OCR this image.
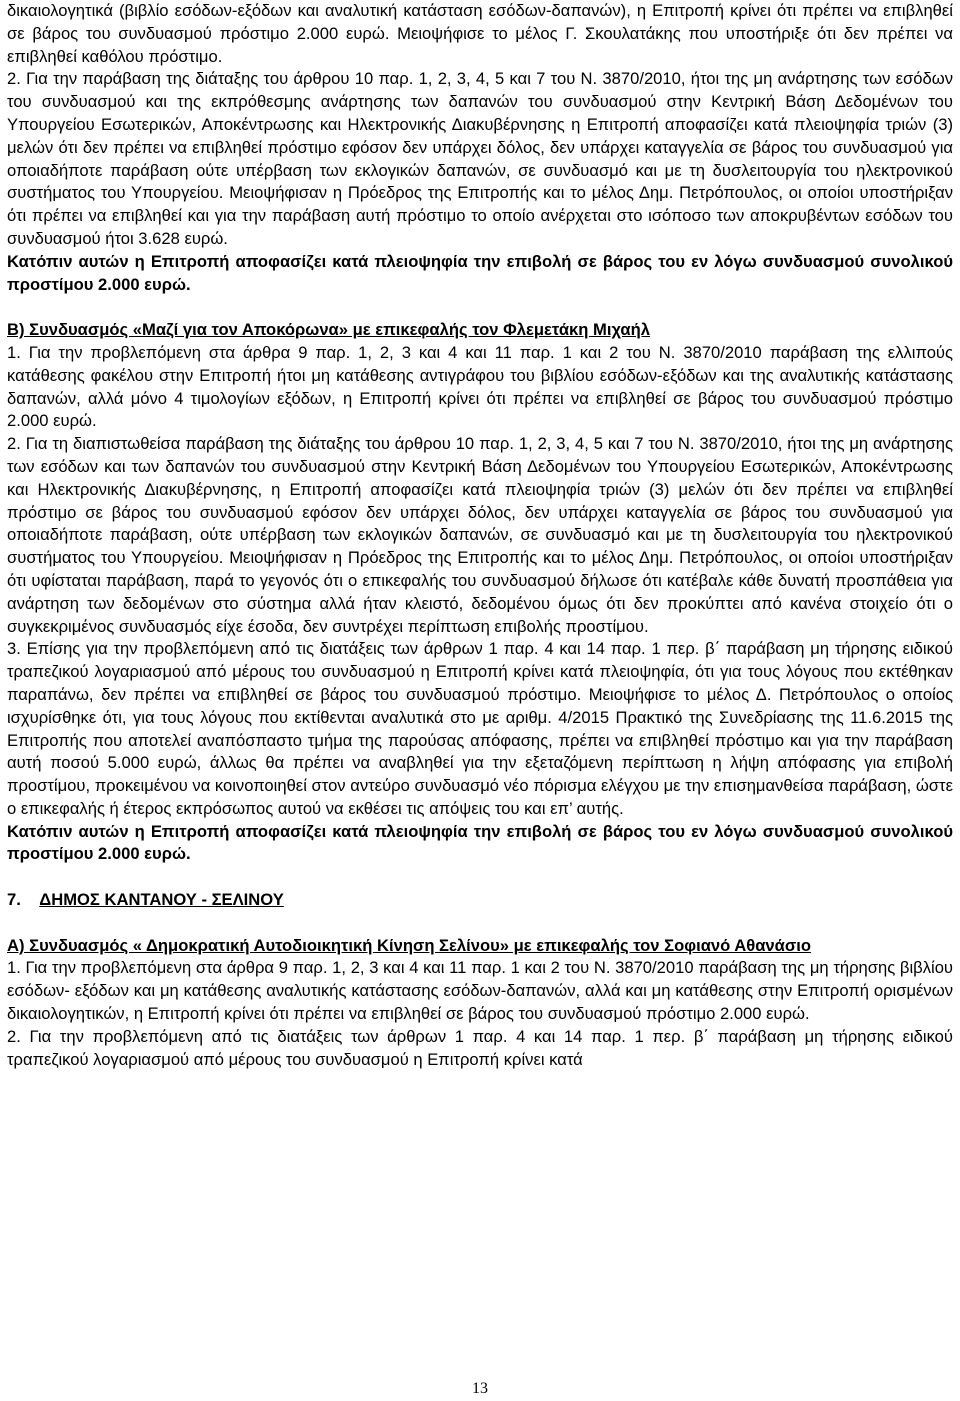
δικαιολογητικά (βιβλίο εσόδων-εξόδων και αναλυτική κατάσταση εσόδων-δαπανών), η Επιτροπή κρίνει ότι πρέπει να επιβληθεί σε βάρος του συνδυασμού πρόστιμο 2.000 ευρώ. Μειοψήφισε το μέλος Γ. Σκουλατάκης που υποστήριξε ότι δεν πρέπει να επιβληθεί καθόλου πρόστιμο.

2. Για την παράβαση της διάταξης του άρθρου 10 παρ. 1, 2, 3, 4, 5 και 7 του Ν. 3870/2010, ήτοι της μη ανάρτησης των εσόδων του συνδυασμού και της εκπρόθεσμης ανάρτησης των δαπανών του συνδυασμού στην Κεντρική Βάση Δεδομένων του Υπουργείου Εσωτερικών, Αποκέντρωσης και Ηλεκτρονικής Διακυβέρνησης η Επιτροπή αποφασίζει κατά πλειοψηφία τριών (3) μελών ότι δεν πρέπει να επιβληθεί πρόστιμο εφόσον δεν υπάρχει δόλος, δεν υπάρχει καταγγελία σε βάρος του συνδυασμού για οποιαδήποτε παράβαση ούτε υπέρβαση των εκλογικών δαπανών, σε συνδυασμό και με τη δυσλειτουργία του ηλεκτρονικού συστήματος του Υπουργείου. Μειοψήφισαν η Πρόεδρος της Επιτροπής και το μέλος Δημ. Πετρόπουλος, οι οποίοι υποστήριξαν ότι πρέπει να επιβληθεί και για την παράβαση αυτή πρόστιμο το οποίο ανέρχεται στο ισόποσο των αποκρυβέντων εσόδων του συνδυασμού ήτοι 3.628 ευρώ.

Κατόπιν αυτών η Επιτροπή αποφασίζει κατά πλειοψηφία την επιβολή σε βάρος του εν λόγω συνδυασμού συνολικού προστίμου 2.000 ευρώ.

Β) Συνδυασμός «Μαζί για τον Αποκόρωνα» με επικεφαλής τον Φλεμετάκη Μιχαήλ

1. Για την προβλεπόμενη στα άρθρα 9 παρ. 1, 2, 3 και 4 και 11 παρ. 1 και 2 του Ν. 3870/2010 παράβαση της ελλιπούς κατάθεσης φακέλου στην Επιτροπή ήτοι μη κατάθεσης αντιγράφου του βιβλίου εσόδων-εξόδων και της αναλυτικής κατάστασης δαπανών, αλλά μόνο 4 τιμολογίων εξόδων, η Επιτροπή κρίνει ότι πρέπει να επιβληθεί σε βάρος του συνδυασμού πρόστιμο 2.000 ευρώ.

2. Για τη διαπιστωθείσα παράβαση της διάταξης του άρθρου 10 παρ. 1, 2, 3, 4, 5 και 7 του Ν. 3870/2010, ήτοι της μη ανάρτησης των εσόδων και των δαπανών του συνδυασμού στην Κεντρική Βάση Δεδομένων του Υπουργείου Εσωτερικών, Αποκέντρωσης και Ηλεκτρονικής Διακυβέρνησης, η Επιτροπή αποφασίζει κατά πλειοψηφία τριών (3) μελών ότι δεν πρέπει να επιβληθεί πρόστιμο σε βάρος του συνδυασμού εφόσον δεν υπάρχει δόλος, δεν υπάρχει καταγγελία σε βάρος του συνδυασμού για οποιαδήποτε παράβαση, ούτε υπέρβαση των εκλογικών δαπανών, σε συνδυασμό και με τη δυσλειτουργία του ηλεκτρονικού συστήματος του Υπουργείου. Μειοψήφισαν η Πρόεδρος της Επιτροπής και το μέλος Δημ. Πετρόπουλος, οι οποίοι υποστήριξαν ότι υφίσταται παράβαση, παρά το γεγονός ότι ο επικεφαλής του συνδυασμού δήλωσε ότι κατέβαλε κάθε δυνατή προσπάθεια για ανάρτηση των δεδομένων στο σύστημα αλλά ήταν κλειστό, δεδομένου όμως ότι δεν προκύπτει από κανένα στοιχείο ότι ο συγκεκριμένος συνδυασμός είχε έσοδα, δεν συντρέχει περίπτωση επιβολής προστίμου.

3. Επίσης για την προβλεπόμενη από τις διατάξεις των άρθρων 1 παρ. 4 και 14 παρ. 1 περ. β΄ παράβαση μη τήρησης ειδικού τραπεζικού λογαριασμού από μέρους του συνδυασμού η Επιτροπή κρίνει κατά πλειοψηφία, ότι για τους λόγους που εκτέθηκαν παραπάνω, δεν πρέπει να επιβληθεί σε βάρος του συνδυασμού πρόστιμο. Μειοψήφισε το μέλος Δ. Πετρόπουλος ο οποίος ισχυρίσθηκε ότι, για τους λόγους που εκτίθενται αναλυτικά στο με αριθμ. 4/2015 Πρακτικό της Συνεδρίασης της 11.6.2015 της Επιτροπής που αποτελεί αναπόσπαστο τμήμα της παρούσας απόφασης, πρέπει να επιβληθεί πρόστιμο και για την παράβαση αυτή ποσού 5.000 ευρώ, άλλως θα πρέπει να αναβληθεί για την εξεταζόμενη περίπτωση η λήψη απόφασης για επιβολή προστίμου, προκειμένου να κοινοποιηθεί στον αντεύρο συνδυασμό νέο πόρισμα ελέγχου με την επισημανθείσα παράβαση, ώστε ο επικεφαλής ή έτερος εκπρόσωπος αυτού να εκθέσει τις απόψεις του και επ’ αυτής.

Κατόπιν αυτών η Επιτροπή αποφασίζει κατά πλειοψηφία την επιβολή σε βάρος του εν λόγω συνδυασμού συνολικού προστίμου 2.000 ευρώ.

7. ΔΗΜΟΣ ΚΑΝΤΑΝΟΥ - ΣΕΛΙΝΟΥ

Α) Συνδυασμός « Δημοκρατική Αυτοδιοικητική Κίνηση Σελίνου» με επικεφαλής τον Σοφιανό Αθανάσιο

1. Για την προβλεπόμενη στα άρθρα 9 παρ. 1, 2, 3 και 4 και 11 παρ. 1 και 2 του Ν. 3870/2010 παράβαση της μη τήρησης βιβλίου εσόδων- εξόδων και μη κατάθεσης αναλυτικής κατάστασης εσόδων-δαπανών, αλλά και μη κατάθεσης στην Επιτροπή ορισμένων δικαιολογητικών, η Επιτροπή κρίνει ότι πρέπει να επιβληθεί σε βάρος του συνδυασμού πρόστιμο 2.000 ευρώ.

2. Για την προβλεπόμενη από τις διατάξεις των άρθρων 1 παρ. 4 και 14 παρ. 1 περ. β΄ παράβαση μη τήρησης ειδικού τραπεζικού λογαριασμού από μέρους του συνδυασμού η Επιτροπή κρίνει κατά

13
